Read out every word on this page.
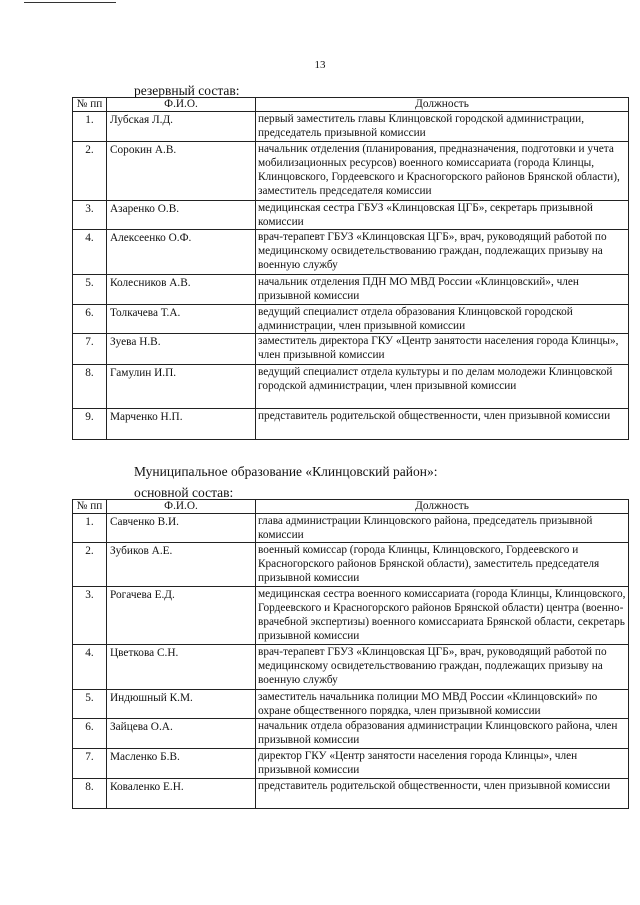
13
резервный состав:
№ пп	Ф.И.О.	Должность
1.	Лубская Л.Д.	первый заместитель главы Клинцовской городской администрации, председатель призывной комиссии
2.	Сорокин А.В.	начальник отделения (планирования, предназначения, подготовки и учета мобилизационных ресурсов) военного комиссариата (города Клинцы, Клинцовского, Гордеевского и Красногорского районов Брянской области), заместитель председателя комиссии
3.	Азаренко О.В.	медицинская сестра ГБУЗ «Клинцовская ЦГБ», секретарь призывной комиссии
4.	Алексеенко О.Ф.	врач-терапевт ГБУЗ «Клинцовская ЦГБ», врач, руководящий работой по медицинскому освидетельствованию граждан, подлежащих призыву на военную службу
5.	Колесников А.В.	начальник отделения ПДН МО МВД России «Клинцовский», член призывной комиссии
6.	Толкачева Т.А.	ведущий специалист отдела образования Клинцовской городской администрации, член призывной комиссии
7.	Зуева Н.В.	заместитель директора ГКУ «Центр занятости населения города Клинцы», член призывной комиссии
8.	Гамулин И.П.	ведущий специалист отдела культуры и по делам молодежи Клинцовской городской администрации, член призывной комиссии
9.	Марченко Н.П.	представитель родительской общественности, член призывной комиссии
Муниципальное образование «Клинцовский район»:
основной состав:
№ пп	Ф.И.О.	Должность
1.	Савченко В.И.	глава администрации Клинцовского района, председатель призывной комиссии
2.	Зубиков А.Е.	военный комиссар (города Клинцы, Клинцовского, Гордеевского и Красногорского районов Брянской области), заместитель председателя призывной комиссии
3.	Рогачева Е.Д.	медицинская сестра военного комиссариата (города Клинцы, Клинцовского, Гордеевского и Красногорского районов Брянской области) центра (военно-врачебной экспертизы) военного комиссариата Брянской области, секретарь призывной комиссии
4.	Цветкова С.Н.	врач-терапевт ГБУЗ «Клинцовская ЦГБ», врач, руководящий работой по медицинскому освидетельствованию граждан, подлежащих призыву на военную службу
5.	Индюшный К.М.	заместитель начальника полиции МО МВД России «Клинцовский» по охране общественного порядка, член призывной комиссии
6.	Зайцева О.А.	начальник отдела образования администрации Клинцовского района, член призывной комиссии
7.	Масленко Б.В.	директор ГКУ «Центр занятости населения города Клинцы», член призывной комиссии
8.	Коваленко Е.Н.	представитель родительской общественности, член призывной комиссии
